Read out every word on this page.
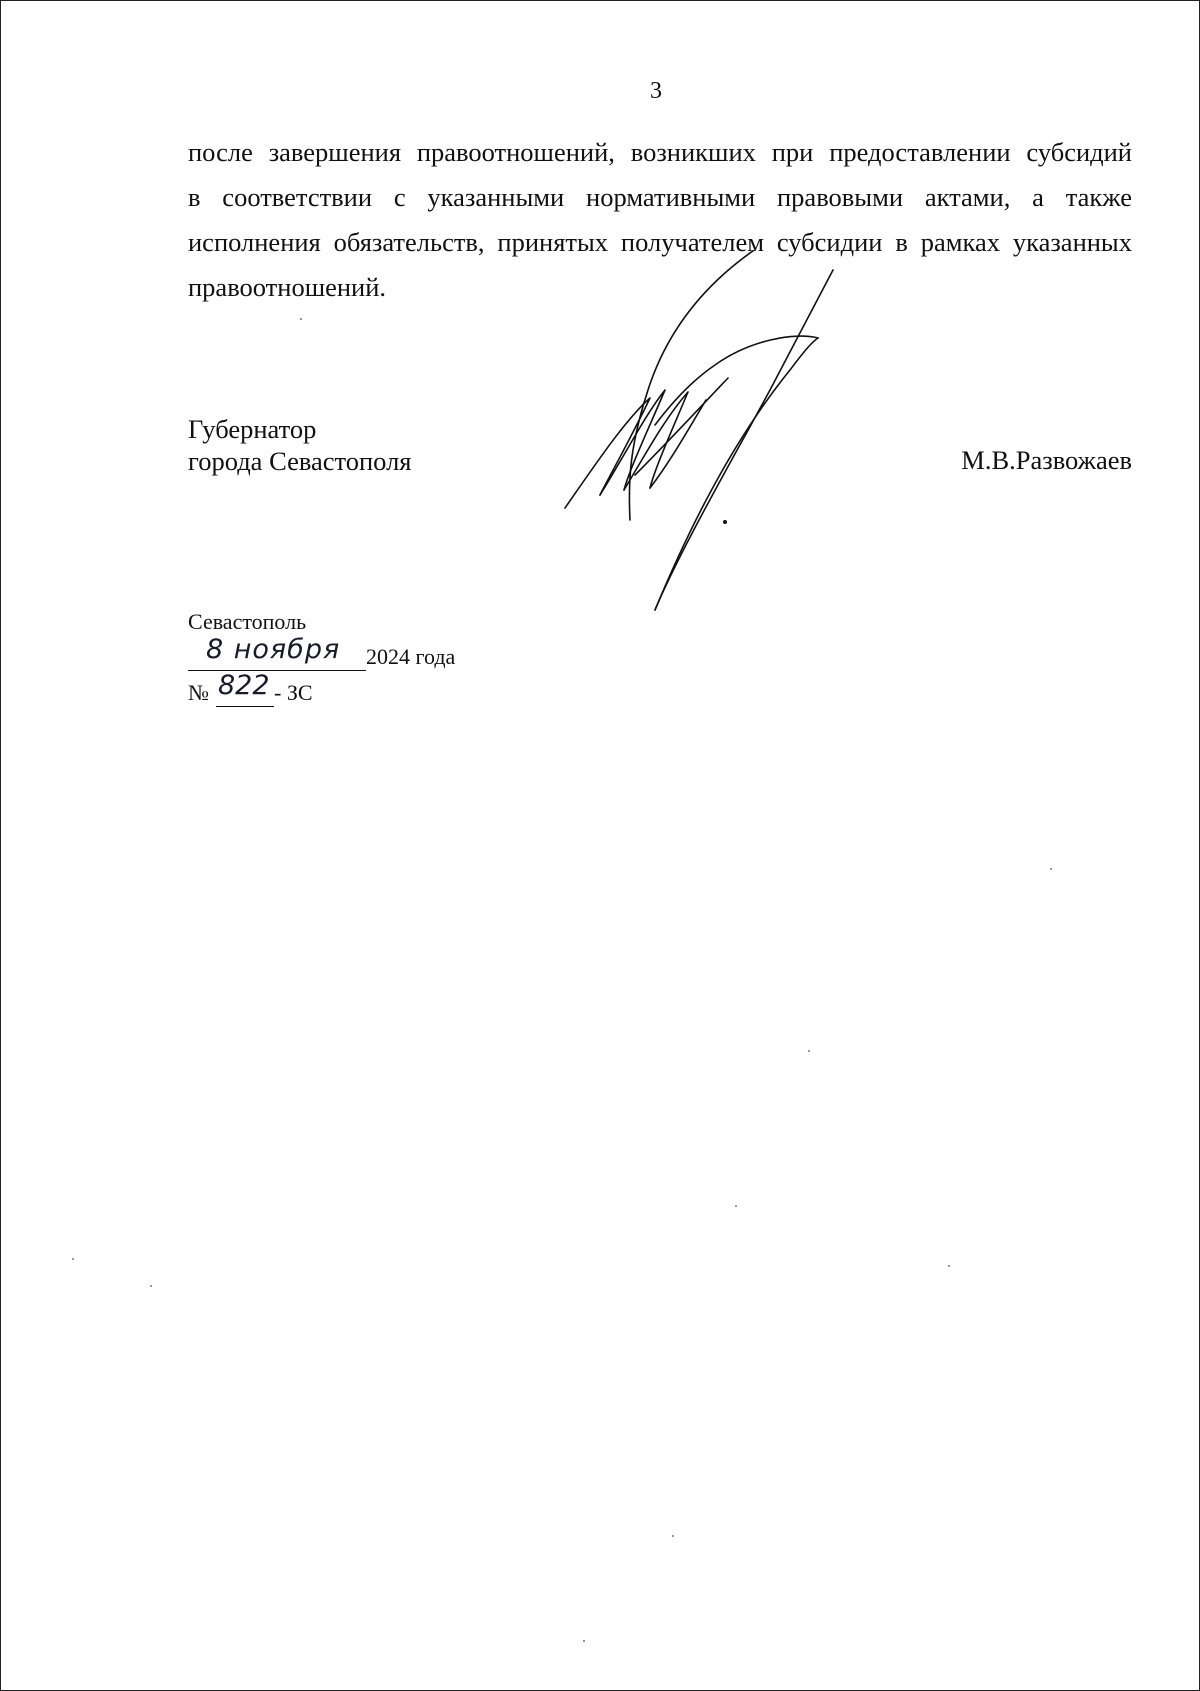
3
после завершения правоотношений, возникших при предоставлении субсидий
в соответствии с указанными нормативными правовыми актами, а также
исполнения обязательств, принятых получателем субсидии в рамках указанных
правоотношений.
Губернатор
города Севастополя	М.В.Развожаев
Севастополь
8 ноября 2024 года
№ 822 - ЗС
